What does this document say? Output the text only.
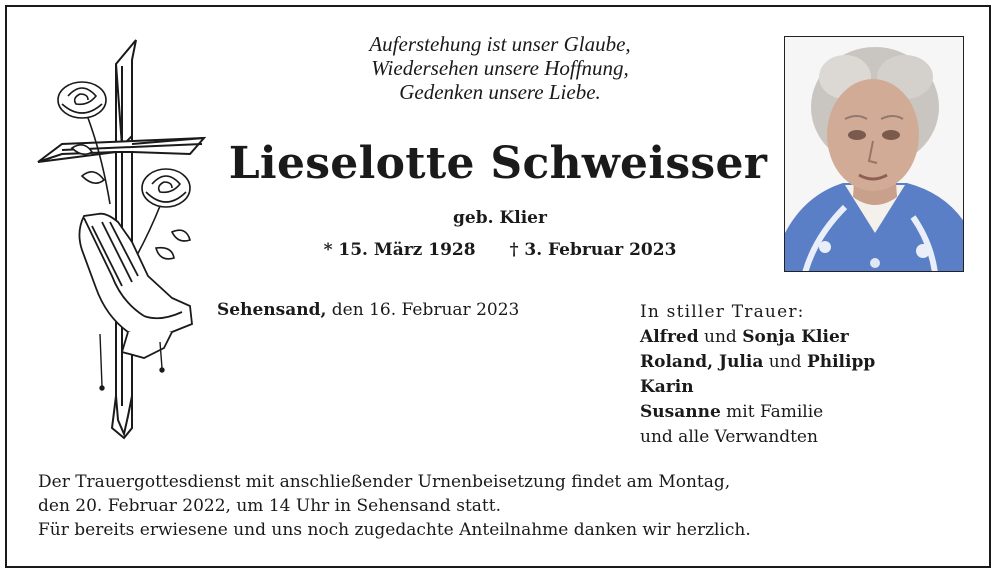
Auferstehung ist unser Glaube,
Wiedersehen unsere Hoffnung,
Gedenken unsere Liebe.
Lieselotte Schweisser
geb. Klier
* 15. März 1928 † 3. Februar 2023
Sehensand, den 16. Februar 2023	In stiller Trauer:
Alfred und Sonja Klier
Roland, Julia und Philipp
Karin
Susanne mit Familie
und alle Verwandten
Der Trauergottesdienst mit anschließender Urnenbeisetzung findet am Montag,
den 20. Februar 2022, um 14 Uhr in Sehensand statt.
Für bereits erwiesene und uns noch zugedachte Anteilnahme danken wir herzlich.
